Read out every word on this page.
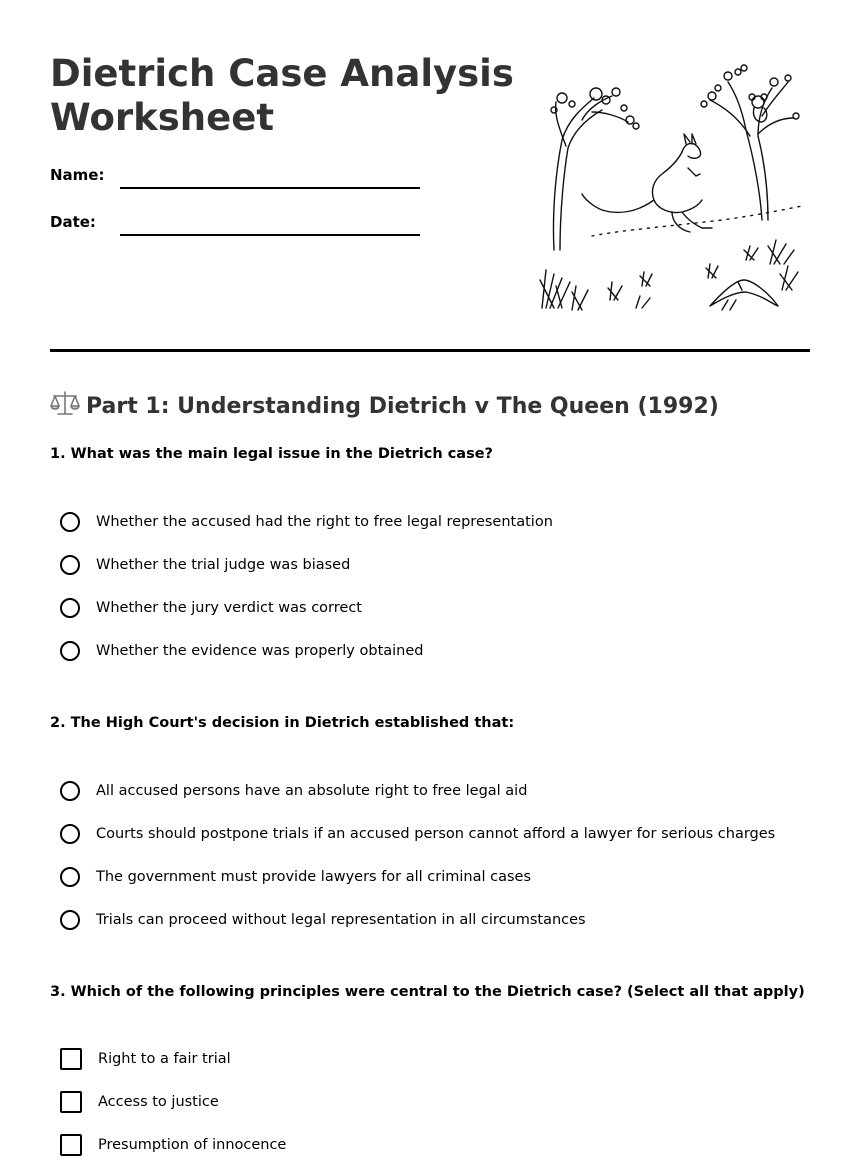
Dietrich Case Analysis Worksheet
Name:
Date:
Part 1: Understanding Dietrich v The Queen (1992)

1. What was the main legal issue in the Dietrich case?

Whether the accused had the right to free legal representation
Whether the trial judge was biased
Whether the jury verdict was correct
Whether the evidence was properly obtained

2. The High Court's decision in Dietrich established that:

All accused persons have an absolute right to free legal aid
Courts should postpone trials if an accused person cannot afford a lawyer for serious charges
The government must provide lawyers for all criminal cases
Trials can proceed without legal representation in all circumstances

3. Which of the following principles were central to the Dietrich case? (Select all that apply)

Right to a fair trial
Access to justice
Presumption of innocence
